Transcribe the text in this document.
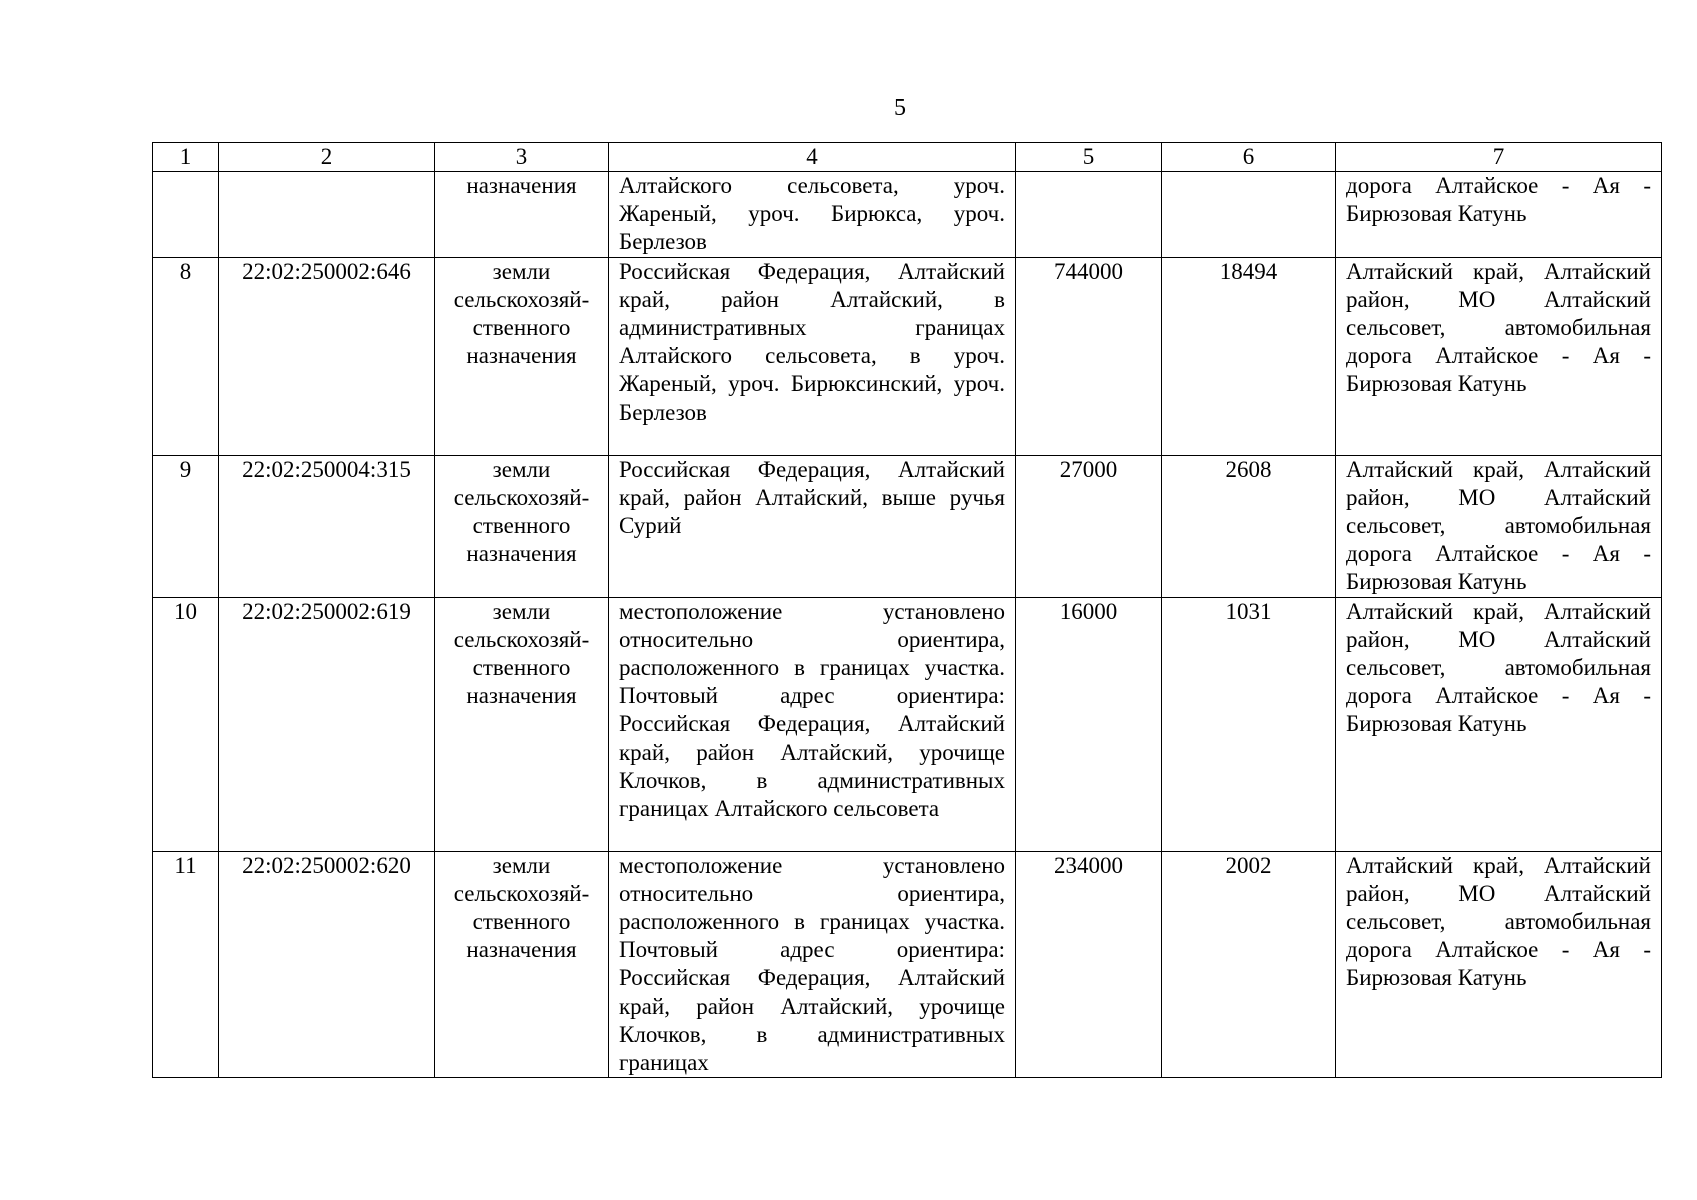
5
1	2	3	4	5	6	7
		назначения	Алтайского сельсовета, уроч. Жареный, уроч. Бирюкса, уроч. Берлезов			дорога Алтайское - Ая - Бирюзовая Катунь
8	22:02:250002:646	земли сельскохозяй-ственного назначения	Российская Федерация, Алтайский край, район Алтайский, в административных границах Алтайского сельсовета, в уроч. Жареный, уроч. Бирюксинский, уроч. Берлезов	744000	18494	Алтайский край, Алтайский район, МО Алтайский сельсовет, автомобильная дорога Алтайское - Ая - Бирюзовая Катунь
9	22:02:250004:315	земли сельскохозяй-ственного назначения	Российская Федерация, Алтайский край, район Алтайский, выше ручья Сурий	27000	2608	Алтайский край, Алтайский район, МО Алтайский сельсовет, автомобильная дорога Алтайское - Ая - Бирюзовая Катунь
10	22:02:250002:619	земли сельскохозяй-ственного назначения	местоположение установлено относительно ориентира, расположенного в границах участка. Почтовый адрес ориентира: Российская Федерация, Алтайский край, район Алтайский, урочище Клочков, в административных границах Алтайского сельсовета	16000	1031	Алтайский край, Алтайский район, МО Алтайский сельсовет, автомобильная дорога Алтайское - Ая - Бирюзовая Катунь
11	22:02:250002:620	земли сельскохозяй-ственного назначения	местоположение установлено относительно ориентира, расположенного в границах участка. Почтовый адрес ориентира: Российская Федерация, Алтайский край, район Алтайский, урочище Клочков, в административных границах	234000	2002	Алтайский край, Алтайский район, МО Алтайский сельсовет, автомобильная дорога Алтайское - Ая - Бирюзовая Катунь
